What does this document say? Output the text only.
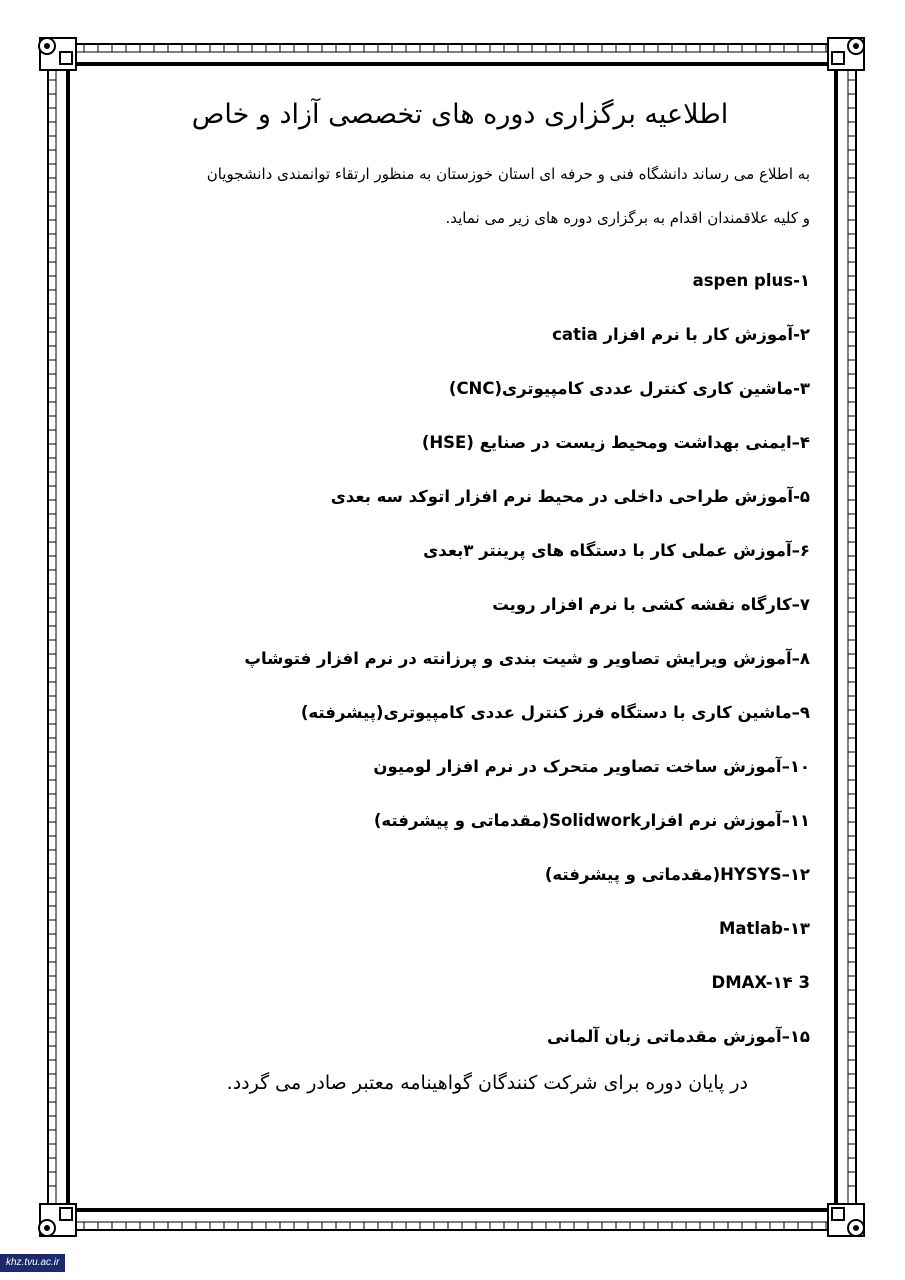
اطلاعیه برگزاری دوره های تخصصی آزاد و خاص
به اطلاع می رساند دانشگاه فنی و حرفه ای استان خوزستان به منظور ارتقاء توانمندی دانشجویان
و کلیه علاقمندان اقدام به برگزاری دوره های زیر می نماید.
aspen plus-۱
۲-آموزش کار با نرم افزار catia
۳-ماشین کاری کنترل عددی کامپیوتری(CNC)
۴–ایمنی بهداشت ومحیط زیست در صنایع (HSE)
۵-آموزش طراحی داخلی در محیط نرم افزار اتوکد سه بعدی
۶–آموزش عملی کار با دستگاه های پرینتر ۳بعدی
۷–کارگاه نقشه کشی با نرم افزار رویت
۸–آموزش ویرایش تصاویر و شیت بندی و پرزانته در نرم افزار فتوشاپ
۹–ماشین کاری با دستگاه فرز کنترل عددی کامپیوتری(پیشرفته)
۱۰–آموزش ساخت تصاویر متحرک در نرم افزار لومیون
۱۱–آموزش نرم افزارSolidwork(مقدماتی و پیشرفته)
HYSYS–۱۲(مقدماتی و پیشرفته)
Matlab-۱۳
3 DMAX-۱۴
۱۵–آموزش مقدماتی زبان آلمانی
در پایان دوره برای شرکت کنندگان گواهینامه معتبر صادر می گردد.
khz.tvu.ac.ir
